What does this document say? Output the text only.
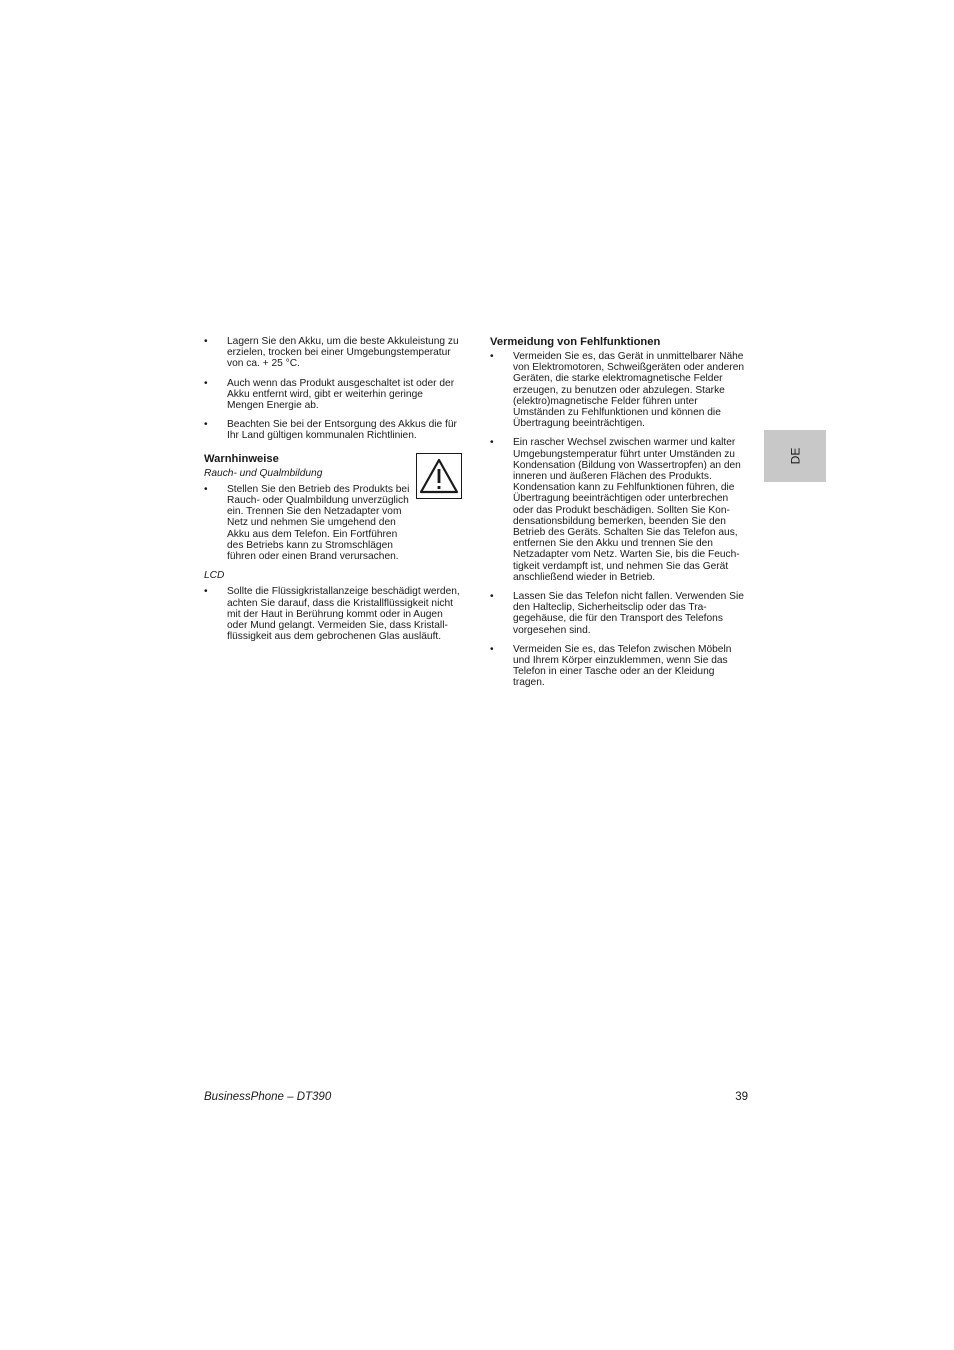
• Lagern Sie den Akku, um die beste Akkuleistung zu erzielen, trocken bei einer Umgebungstemperatur von ca. + 25 °C.
• Auch wenn das Produkt ausgeschaltet ist oder der Akku entfernt wird, gibt er weiterhin geringe Mengen Energie ab.
• Beachten Sie bei der Entsorgung des Akkus die für Ihr Land gültigen kommunalen Richtlinien.

Warnhinweise

Rauch- und Qualmbildung

• Stellen Sie den Betrieb des Produkts bei Rauch- oder Qualmbildung unverzüglich ein. Trennen Sie den Netzadapter vom Netz und nehmen Sie umgehend den Akku aus dem Telefon. Ein Fortführen des Betriebs kann zu Stromschlägen führen oder einen Brand verursachen.

LCD

• Sollte die Flüssigkristallanzeige beschädigt werden, achten Sie darauf, dass die Kristallflüssigkeit nicht mit der Haut in Berührung kommt oder in Augen oder Mund gelangt. Vermeiden Sie, dass Kristallflüssigkeit aus dem gebrochenen Glas ausläuft.

Vermeidung von Fehlfunktionen

• Vermeiden Sie es, das Gerät in unmittelbarer Nähe von Elektromotoren, Schweißgeräten oder anderen Geräten, die starke elektromagnetische Felder erzeugen, zu benutzen oder abzulegen. Starke (elektro)magnetische Felder führen unter Umständen zu Fehlfunktionen und können die Übertragung beeinträchtigen.
• Ein rascher Wechsel zwischen warmer und kalter Umgebungstemperatur führt unter Umständen zu Kondensation (Bildung von Wassertropfen) an den inneren und äußeren Flächen des Produkts. Kondensation kann zu Fehlfunktionen führen, die Übertragung beeinträchtigen oder unterbrechen oder das Produkt beschädigen. Sollten Sie Kondensationsbildung bemerken, beenden Sie den Betrieb des Geräts. Schalten Sie das Telefon aus, entfernen Sie den Akku und trennen Sie den Netzadapter vom Netz. Warten Sie, bis die Feuchtigkeit verdampft ist, und nehmen Sie das Gerät anschließend wieder in Betrieb.
• Lassen Sie das Telefon nicht fallen. Verwenden Sie den Halteclip, Sicherheitsclip oder das Tragegehäuse, die für den Transport des Telefons vorgesehen sind.
• Vermeiden Sie es, das Telefon zwischen Möbeln und Ihrem Körper einzuklemmen, wenn Sie das Telefon in einer Tasche oder an der Kleidung tragen.
DE
BusinessPhone – DT390	39
